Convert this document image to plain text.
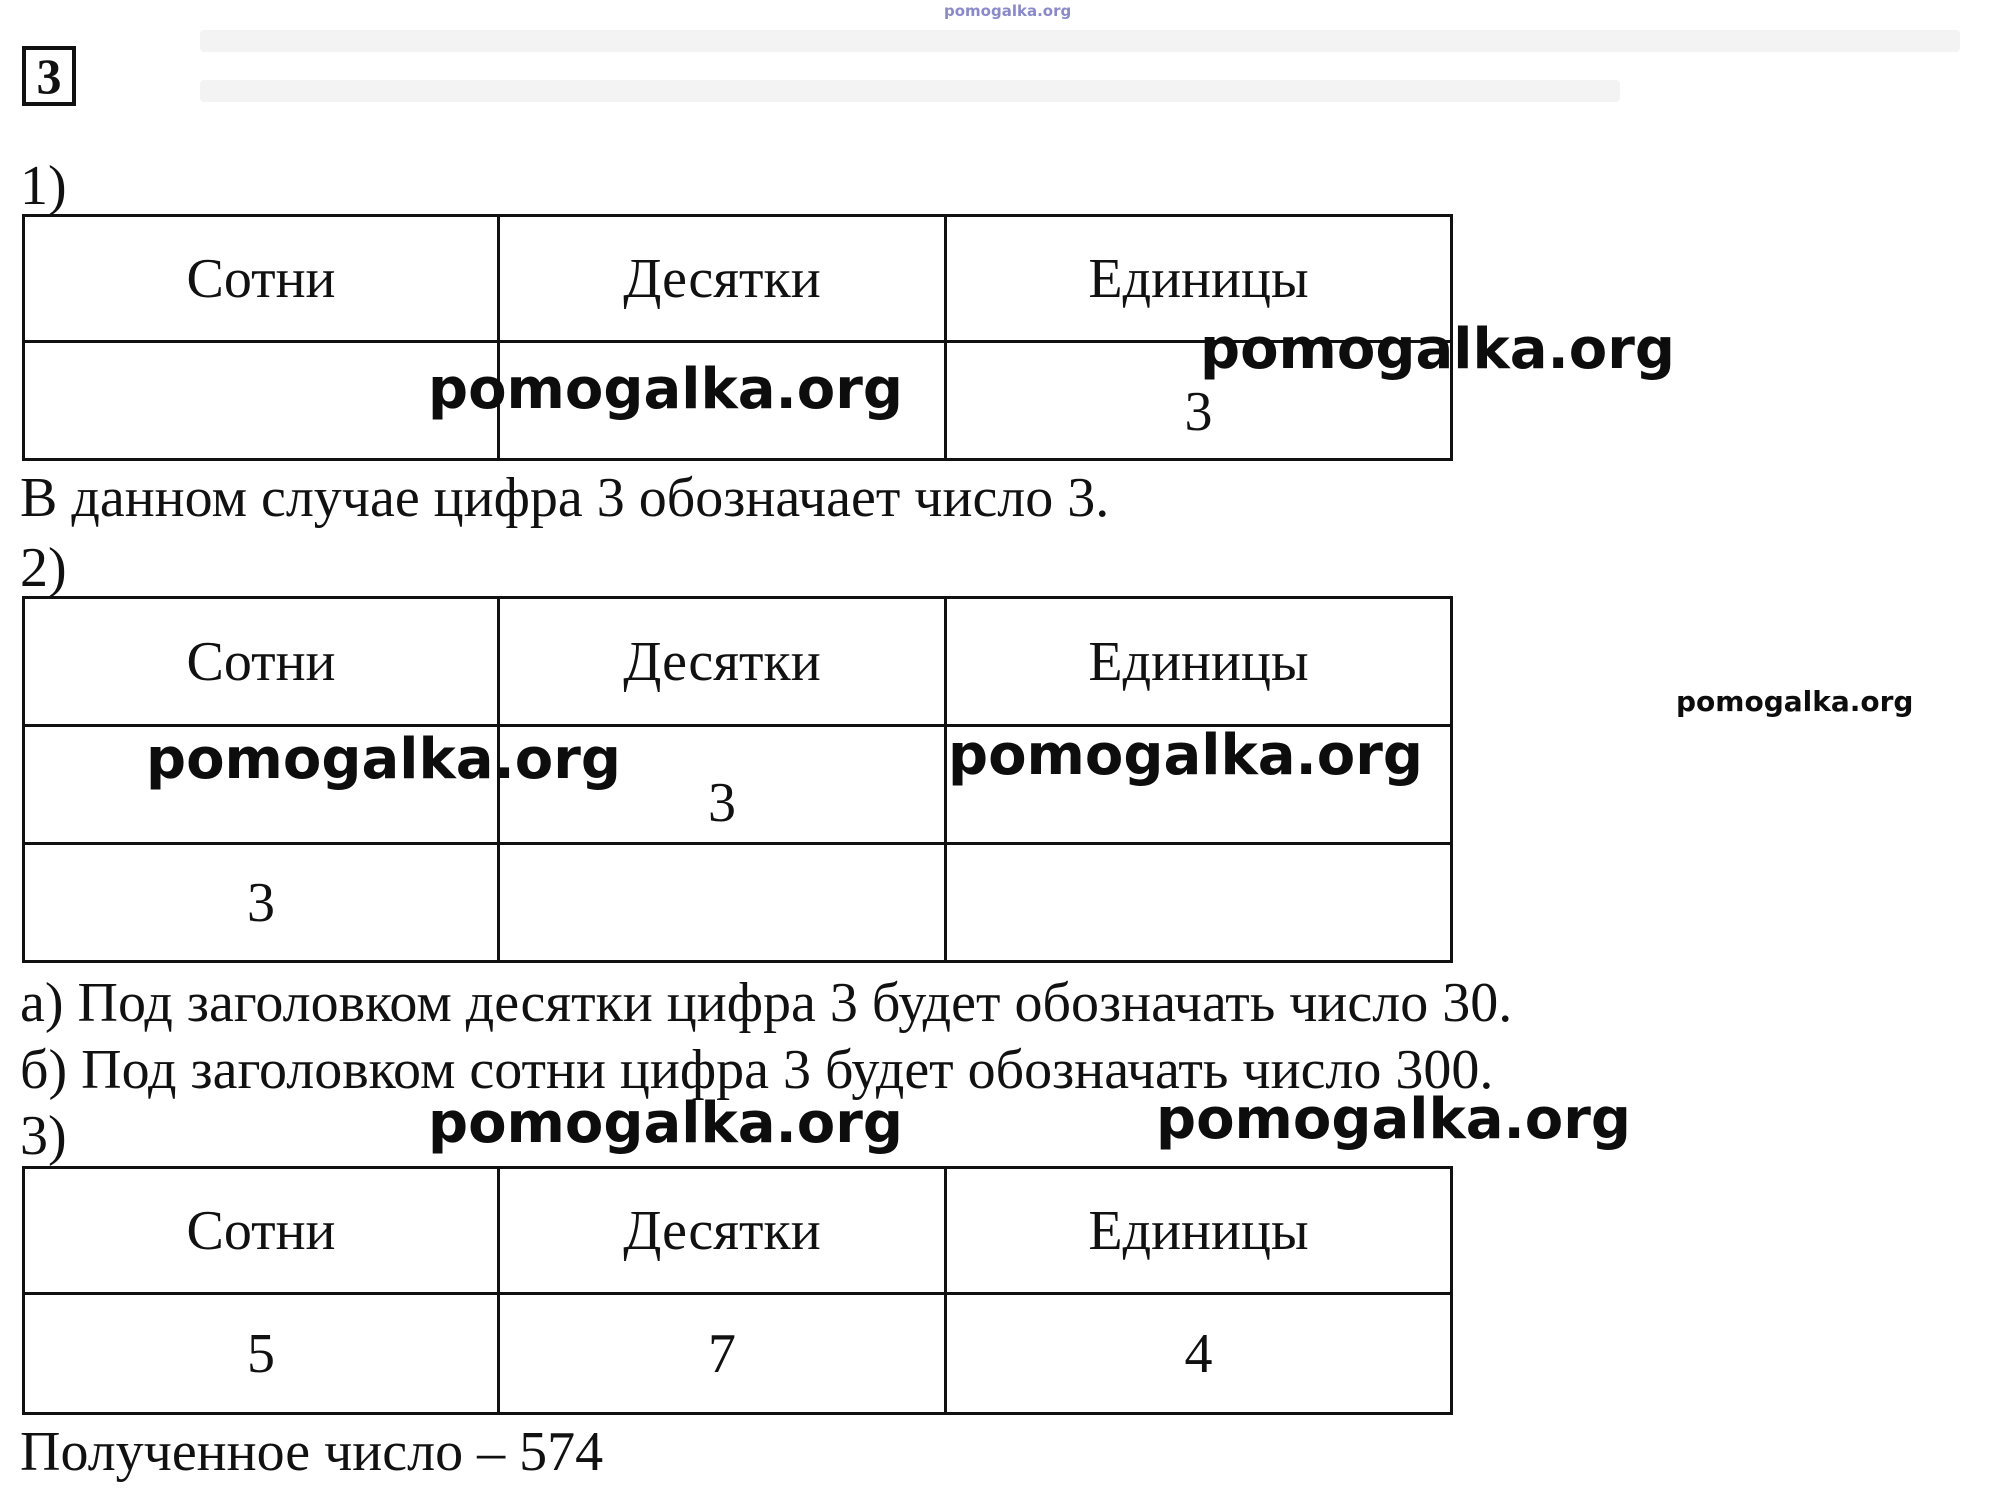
pomogalka.org
3
1)
Сотни	Десятки	Единицы
		3
В данном случае цифра 3 обозначает число 3.
2)
Сотни	Десятки	Единицы
	3	
3		
а) Под заголовком десятки цифра 3 будет обозначать число 30.
б) Под заголовком сотни цифра 3 будет обозначать число 300.
3)
Сотни	Десятки	Единицы
5	7	4
Полученное число – 574
pomogalka.org
pomogalka.org
pomogalka.org
pomogalka.org	pomogalka.org
pomogalka.org	pomogalka.org
